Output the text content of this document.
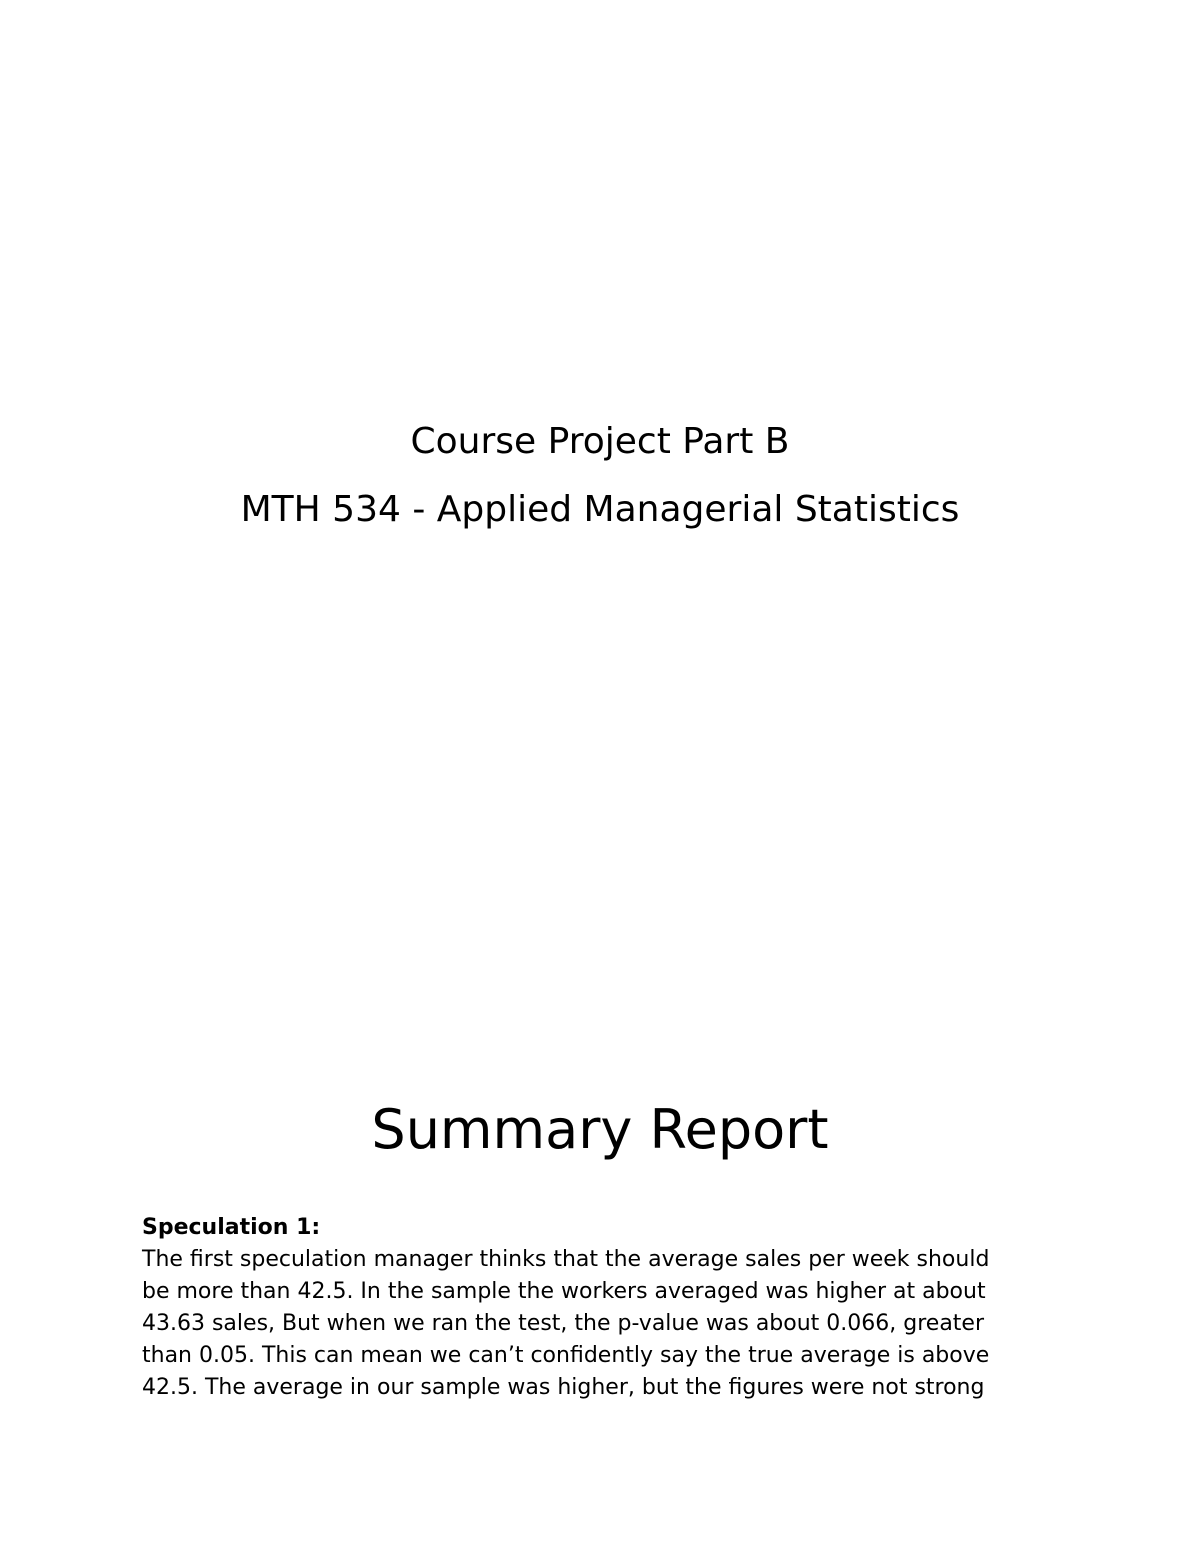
Course Project Part B
MTH 534 - Applied Managerial Statistics
Summary Report
Speculation 1:
The first speculation manager thinks that the average sales per week should
be more than 42.5. In the sample the workers averaged was higher at about
43.63 sales, But when we ran the test, the p-value was about 0.066, greater
than 0.05. This can mean we can’t confidently say the true average is above
42.5. The average in our sample was higher, but the figures were not strong
